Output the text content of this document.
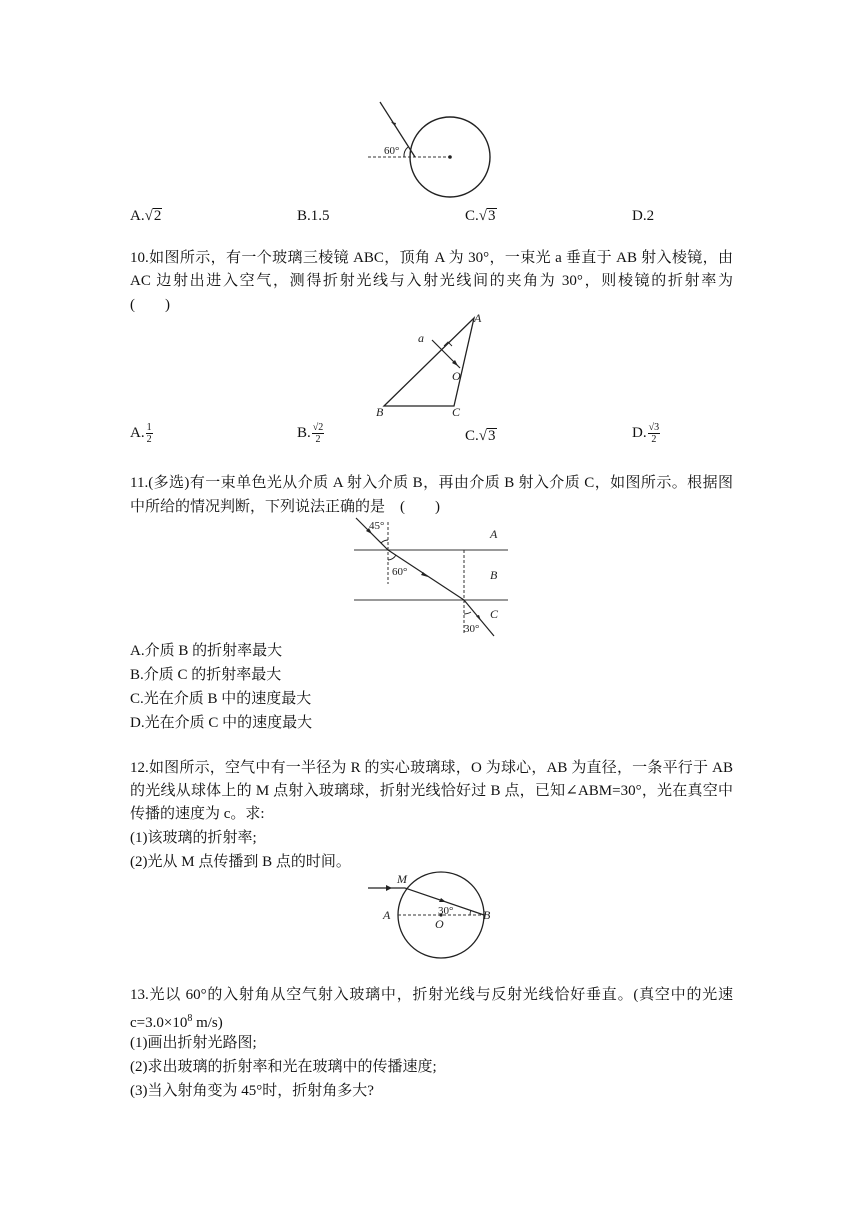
60°
A.√2	B.1.5	C.√3	D.2
10.如图所示，有一个玻璃三棱镜 ABC，顶角 A 为 30°，一束光 a 垂直于 AB 射入棱镜，由
AC 边射出进入空气，测得折射光线与入射光线间的夹角为 30°，则棱镜的折射率为
(　　)
a
A
O
B	C
A. $\frac{1}{2}$	B. $\frac{√2}{2}$	C.√3	D. $\frac{√3}{2}$
11.(多选)有一束单色光从介质 A 射入介质 B，再由介质 B 射入介质 C，如图所示。根据图
中所给的情况判断，下列说法正确的是　(　　)
45°
60°
30°
A
B
C
A.介质 B 的折射率最大
B.介质 C 的折射率最大
C.光在介质 B 中的速度最大
D.光在介质 C 中的速度最大
12.如图所示，空气中有一半径为 R 的实心玻璃球，O 为球心，AB 为直径，一条平行于 AB
的光线从球体上的 M 点射入玻璃球，折射光线恰好过 B 点，已知∠ABM=30°，光在真空中
传播的速度为 c。求:
(1)该玻璃的折射率;
(2)光从 M 点传播到 B 点的时间。
M
A
O
B
30°
13.光以 60°的入射角从空气射入玻璃中，折射光线与反射光线恰好垂直。(真空中的光速
$c=3.0\times 10^8$ m/s)
(1)画出折射光路图;
(2)求出玻璃的折射率和光在玻璃中的传播速度;
(3)当入射角变为 45°时，折射角多大?
